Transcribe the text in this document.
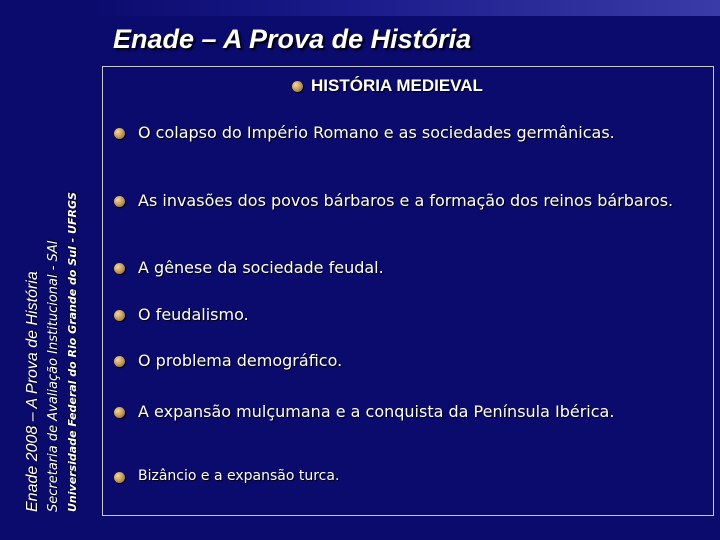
Enade 2008 – A Prova de História Secretaria de Avaliação Institucional - SAI Universidade Federal do Rio Grande do Sul - UFRGS
Enade – A Prova de História
HISTÓRIA MEDIEVAL
O colapso do Império Romano e as sociedades germânicas.
As invasões dos povos bárbaros e a formação dos reinos bárbaros.
A gênese da sociedade feudal.
O feudalismo.
O problema demográfico.
A expansão mulçumana e a conquista da Península Ibérica.
Bizâncio e a expansão turca.
